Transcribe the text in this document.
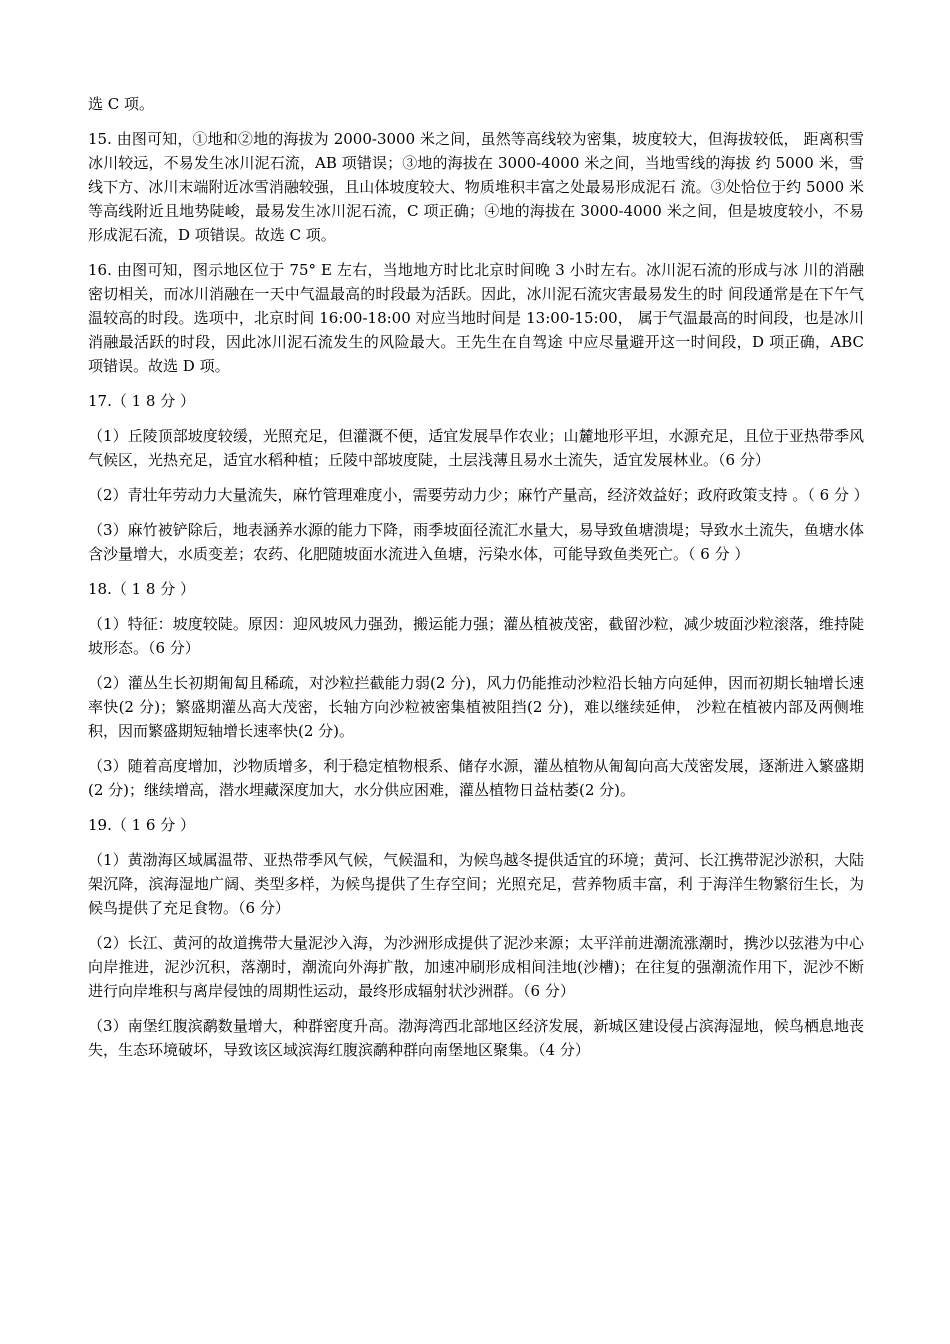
选 C 项。

15. 由图可知，①地和②地的海拔为 2000-3000 米之间，虽然等高线较为密集，坡度较大，但海拔较低， 距离积雪冰川较远，不易发生冰川泥石流，AB 项错误；③地的海拔在 3000-4000 米之间，当地雪线的海拔 约 5000 米，雪线下方、冰川末端附近冰雪消融较强，且山体坡度较大、物质堆积丰富之处最易形成泥石 流。③处恰位于约 5000 米等高线附近且地势陡峻，最易发生冰川泥石流，C 项正确；④地的海拔在 3000-4000 米之间，但是坡度较小，不易形成泥石流，D 项错误。故选 C 项。

16. 由图可知，图示地区位于 75° E 左右，当地地方时比北京时间晚 3 小时左右。冰川泥石流的形成与冰 川的消融密切相关，而冰川消融在一天中气温最高的时段最为活跃。因此，冰川泥石流灾害最易发生的时 间段通常是在下午气温较高的时段。选项中，北京时间 16:00-18:00 对应当地时间是 13:00-15:00， 属于气温最高的时间段，也是冰川消融最活跃的时段，因此冰川泥石流发生的风险最大。王先生在自驾途 中应尽量避开这一时间段，D 项正确，ABC 项错误。故选 D 项。

17.（ 1 8 分 ）

（1）丘陵顶部坡度较缓，光照充足，但灌溉不便，适宜发展旱作农业；山麓地形平坦，水源充足，且位于亚热带季风气候区，光热充足，适宜水稻种植；丘陵中部坡度陡，土层浅薄且易水土流失，适宜发展林业。（6 分）

（2）青壮年劳动力大量流失，麻竹管理难度小，需要劳动力少；麻竹产量高，经济效益好；政府政策支持 。（ 6 分 ）

（3）麻竹被铲除后，地表涵养水源的能力下降，雨季坡面径流汇水量大，易导致鱼塘溃堤；导致水土流失，鱼塘水体含沙量增大，水质变差；农药、化肥随坡面水流进入鱼塘，污染水体，可能导致鱼类死亡。（ 6 分 ）

18.（ 1 8 分 ）

（1）特征：坡度较陡。原因：迎风坡风力强劲，搬运能力强；灌丛植被茂密，截留沙粒，减少坡面沙粒滚落，维持陡坡形态。（6 分）

（2）灌丛生长初期匍匐且稀疏，对沙粒拦截能力弱(2 分)，风力仍能推动沙粒沿长轴方向延伸，因而初期长轴增长速率快(2 分)；繁盛期灌丛高大茂密，长轴方向沙粒被密集植被阻挡(2 分)，难以继续延伸， 沙粒在植被内部及两侧堆积，因而繁盛期短轴增长速率快(2 分)。

（3）随着高度增加，沙物质增多，利于稳定植物根系、储存水源，灌丛植物从匍匐向高大茂密发展，逐渐进入繁盛期(2 分)；继续增高，潜水埋藏深度加大，水分供应困难，灌丛植物日益枯萎(2 分)。

19.（ 1 6 分 ）

（1）黄渤海区域属温带、亚热带季风气候，气候温和，为候鸟越冬提供适宜的环境；黄河、长江携带泥沙淤积，大陆架沉降，滨海湿地广阔、类型多样，为候鸟提供了生存空间；光照充足，营养物质丰富，利 于海洋生物繁衍生长，为候鸟提供了充足食物。（6 分）

（2）长江、黄河的故道携带大量泥沙入海，为沙洲形成提供了泥沙来源；太平洋前进潮流涨潮时，携沙以弦港为中心向岸推进，泥沙沉积，落潮时，潮流向外海扩散，加速冲刷形成相间洼地(沙槽)；在往复的强潮流作用下，泥沙不断进行向岸堆积与离岸侵蚀的周期性运动，最终形成辐射状沙洲群。（6 分）

（3）南堡红腹滨鹬数量增大，种群密度升高。渤海湾西北部地区经济发展，新城区建设侵占滨海湿地，候鸟栖息地丧失，生态环境破坏，导致该区域滨海红腹滨鹬种群向南堡地区聚集。（4 分）
